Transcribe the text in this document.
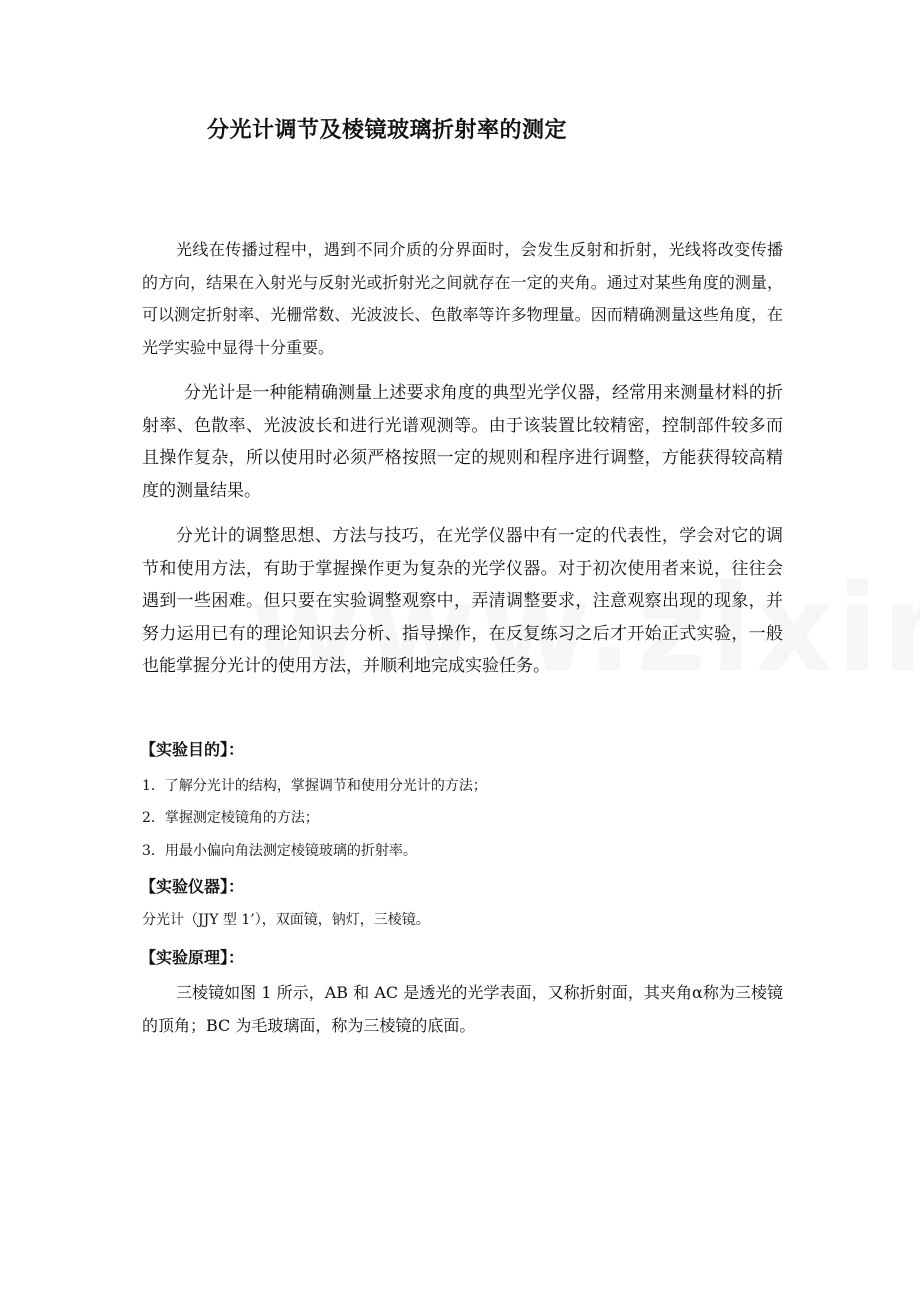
分光计调节及棱镜玻璃折射率的测定

光线在传播过程中，遇到不同介质的分界面时，会发生反射和折射，光线将改变传播的方向，结果在入射光与反射光或折射光之间就存在一定的夹角。通过对某些角度的测量，可以测定折射率、光栅常数、光波波长、色散率等许多物理量。因而精确测量这些角度，在光学实验中显得十分重要。

分光计是一种能精确测量上述要求角度的典型光学仪器，经常用来测量材料的折射率、色散率、光波波长和进行光谱观测等。由于该装置比较精密，控制部件较多而且操作复杂，所以使用时必须严格按照一定的规则和程序进行调整，方能获得较高精度的测量结果。

分光计的调整思想、方法与技巧，在光学仪器中有一定的代表性，学会对它的调节和使用方法，有助于掌握操作更为复杂的光学仪器。对于初次使用者来说，往往会遇到一些困难。但只要在实验调整观察中，弄清调整要求，注意观察出现的现象，并努力运用已有的理论知识去分析、指导操作，在反复练习之后才开始正式实验，一般也能掌握分光计的使用方法，并顺利地完成实验任务。

【实验目的】：
1．了解分光计的结构，掌握调节和使用分光计的方法；
2．掌握测定棱镜角的方法；
3．用最小偏向角法测定棱镜玻璃的折射率。
【实验仪器】：
分光计（JJY 型 1’），双面镜，钠灯，三棱镜。
【实验原理】：

三棱镜如图 1 所示，AB 和 AC 是透光的光学表面，又称折射面，其夹角α称为三棱镜的顶角；BC 为毛玻璃面，称为三棱镜的底面。
